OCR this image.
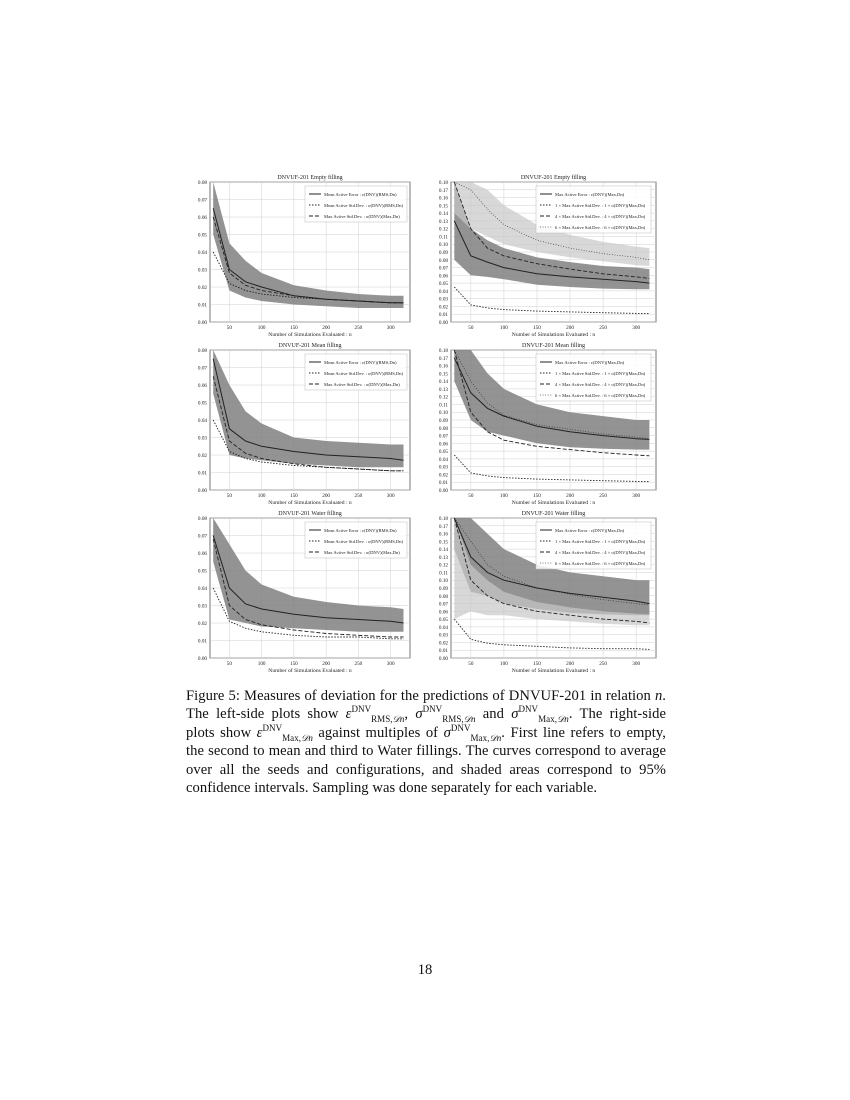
0.08
0.07
0.06
0.05
0.04
0.03
0.02
0.01
0.00
50	100	150	200	250	300
DNVUF-201 Empty filling
Number of Simulations Evaluated : n
Mean Active Error : ε(DNV)(RMS,Dn)
Mean Active Std.Dev. : σ(DNV)(RMS,Dn)
Max Active Std.Dev. : σ(DNV)(Max,Dn)
0.18
0.17
0.16
0.15
0.14
0.13
0.12
0.11
0.10
0.09
0.08
0.07
0.06
0.05
0.04
0.03
0.02
0.01
0.00
50	100	150	200	250	300
DNVUF-201 Empty filling
Number of Simulations Evaluated : n
Max Active Error : ε(DNV)(Max,Dn)
1 × Max Active Std.Dev. : 1 × σ(DNV)(Max,Dn)
4 × Max Active Std.Dev. : 4 × σ(DNV)(Max,Dn)
6 × Max Active Std.Dev. : 6 × σ(DNV)(Max,Dn)
0.08
0.07
0.06
0.05
0.04
0.03
0.02
0.01
0.00
50	100	150	200	250	300
DNVUF-201 Mean filling
Number of Simulations Evaluated : n
Mean Active Error : ε(DNV)(RMS,Dn)
Mean Active Std.Dev. : σ(DNV)(RMS,Dn)
Max Active Std.Dev. : σ(DNV)(Max,Dn)
0.18
0.17
0.16
0.15
0.14
0.13
0.12
0.11
0.10
0.09
0.08
0.07
0.06
0.05
0.04
0.03
0.02
0.01
0.00
50	100	150	200	250	300
DNVUF-201 Mean filling
Number of Simulations Evaluated : n
Max Active Error : ε(DNV)(Max,Dn)
1 × Max Active Std.Dev. : 1 × σ(DNV)(Max,Dn)
4 × Max Active Std.Dev. : 4 × σ(DNV)(Max,Dn)
6 × Max Active Std.Dev. : 6 × σ(DNV)(Max,Dn)
0.08
0.07
0.06
0.05
0.04
0.03
0.02
0.01
0.00
50	100	150	200	250	300
DNVUF-201 Water filling
Number of Simulations Evaluated : n
Mean Active Error : ε(DNV)(RMS,Dn)
Mean Active Std.Dev. : σ(DNV)(RMS,Dn)
Max Active Std.Dev. : σ(DNV)(Max,Dn)
0.18
0.17
0.16
0.15
0.14
0.13
0.12
0.11
0.10
0.09
0.08
0.07
0.06
0.05
0.04
0.03
0.02
0.01
0.00
50	100	150	200	250	300
DNVUF-201 Water filling
Number of Simulations Evaluated : n
Max Active Error : ε(DNV)(Max,Dn)
1 × Max Active Std.Dev. : 1 × σ(DNV)(Max,Dn)
4 × Max Active Std.Dev. : 4 × σ(DNV)(Max,Dn)
6 × Max Active Std.Dev. : 6 × σ(DNV)(Max,Dn)
Figure 5: Measures of deviation for the predictions of DNVUF-201 in relation n. The left-side plots show $\varepsilon^{DNV}_{RMS,𝒟n}$, $\sigma^{DNV}_{RMS,𝒟n}$ and $\sigma^{DNV}_{Max,𝒟n}$. The right-side plots show $\varepsilon^{DNV}_{Max,𝒟n}$ against multiples of $\sigma^{DNV}_{Max,𝒟n}$. First line refers to empty, the second to mean and third to Water fillings. The curves correspond to average over all the seeds and configurations, and shaded areas correspond to 95% confidence intervals. Sampling was done separately for each variable.
18
